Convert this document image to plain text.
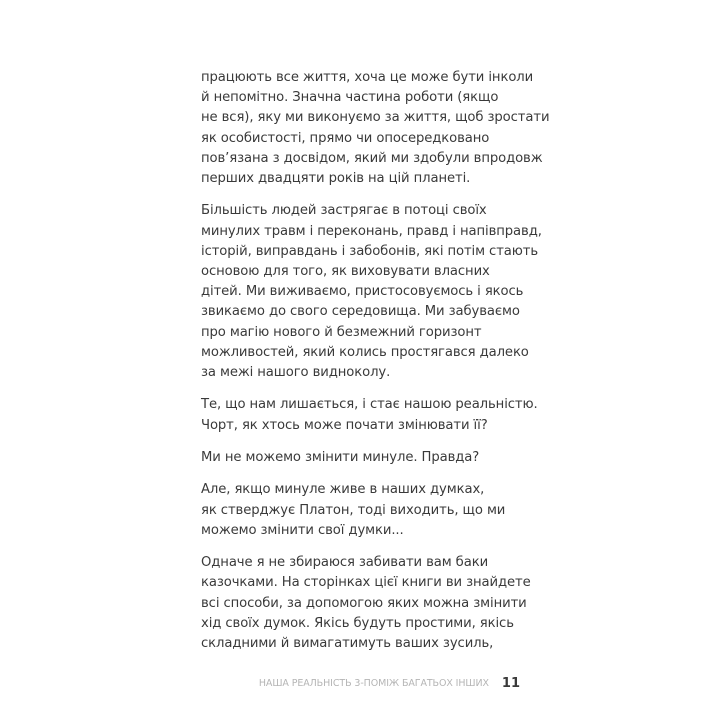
працюють все життя, хоча це може бути інколи
й непомітно. Значна частина роботи (якщо
не вся), яку ми виконуємо за життя, щоб зростати
як особистості, прямо чи опосередковано
пов’язана з досвідом, який ми здобули впродовж
перших двадцяти років на цій планеті.

Більшість людей застрягає в потоці своїх
минулих травм і переконань, правд і напівправд,
історій, виправдань і забобонів, які потім стають
основою для того, як виховувати власних
дітей. Ми виживаємо, пристосовуємось і якось
звикаємо до свого середовища. Ми забуваємо
про магію нового й безмежний горизонт
можливостей, який колись простягався далеко
за межі нашого видноколу.

Те, що нам лишається, і стає нашою реальністю.
Чорт, як хтось може почати змінювати її?

Ми не можемо змінити минуле. Правда?

Але, якщо минуле живе в наших думках,
як стверджує Платон, тоді виходить, що ми
можемо змінити свої думки...

Одначе я не збираюся забивати вам баки
казочками. На сторінках цієї книги ви знайдете
всі способи, за допомогою яких можна змінити
хід своїх думок. Якісь будуть простими, якісь
складними й вимагатимуть ваших зусиль,

НАША РЕАЛЬНІСТЬ 3-ПОМІЖ БАГАТЬОХ ІНШИХ 11
